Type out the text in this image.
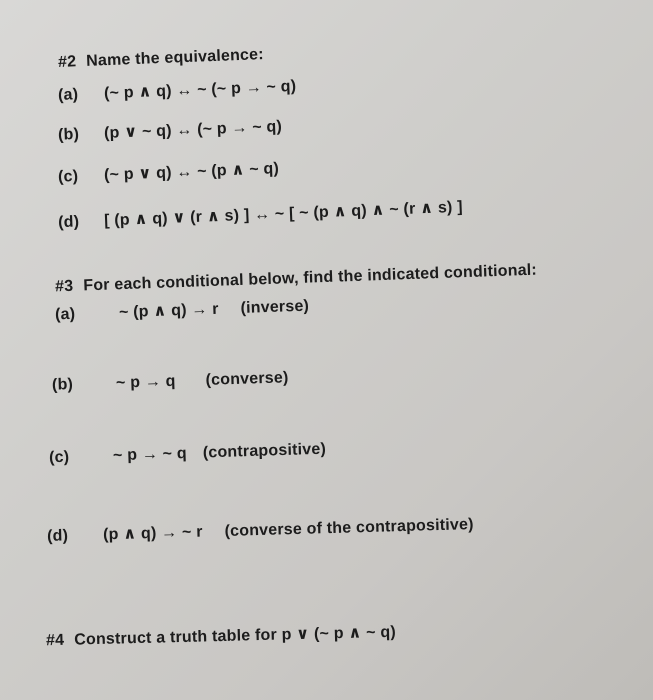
#2 Name the equivalence:
(a) (~ p ∧ q) ↔ ~ (~ p → ~ q)
(b) (p ∨ ~ q) ↔ (~ p → ~ q)
(c) (~ p ∨ q) ↔ ~ (p ∧ ~ q)
(d) [ (p ∧ q) ∨ (r ∧ s) ] ↔ ~ [ ~ (p ∧ q) ∧ ~ (r ∧ s) ]
#3 For each conditional below, find the indicated conditional:
(a)	~ (p ∧ q) → r (inverse)
(b)	~ p → q (converse)
(c)	~ p → ~ q (contrapositive)
(d) (p ∧ q) → ~ r (converse of the contrapositive)
#4 Construct a truth table for p ∨ (~ p ∧ ~ q)
